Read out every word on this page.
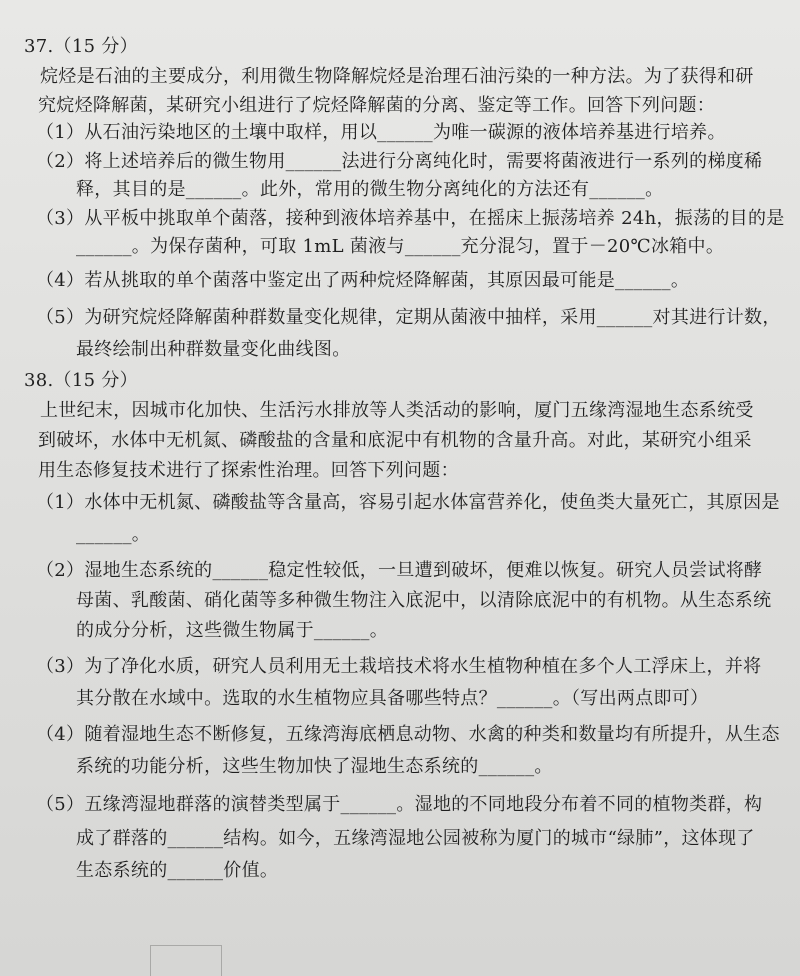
37.（15 分）
烷烃是石油的主要成分，利用微生物降解烷烃是治理石油污染的一种方法。为了获得和研
究烷烃降解菌，某研究小组进行了烷烃降解菌的分离、鉴定等工作。回答下列问题：
（1）从石油污染地区的土壤中取样，用以______为唯一碳源的液体培养基进行培养。
（2）将上述培养后的微生物用______法进行分离纯化时，需要将菌液进行一系列的梯度稀
释，其目的是______。此外，常用的微生物分离纯化的方法还有______。
（3）从平板中挑取单个菌落，接种到液体培养基中，在摇床上振荡培养 24h，振荡的目的是
______。为保存菌种，可取 1mL 菌液与______充分混匀，置于－20℃冰箱中。
（4）若从挑取的单个菌落中鉴定出了两种烷烃降解菌，其原因最可能是______。
（5）为研究烷烃降解菌种群数量变化规律，定期从菌液中抽样，采用______对其进行计数，
最终绘制出种群数量变化曲线图。
38.（15 分）
上世纪末，因城市化加快、生活污水排放等人类活动的影响，厦门五缘湾湿地生态系统受
到破坏，水体中无机氮、磷酸盐的含量和底泥中有机物的含量升高。对此，某研究小组采
用生态修复技术进行了探索性治理。回答下列问题：
（1）水体中无机氮、磷酸盐等含量高，容易引起水体富营养化，使鱼类大量死亡，其原因是
______。
（2）湿地生态系统的______稳定性较低，一旦遭到破坏，便难以恢复。研究人员尝试将酵
母菌、乳酸菌、硝化菌等多种微生物注入底泥中，以清除底泥中的有机物。从生态系统
的成分分析，这些微生物属于______。
（3）为了净化水质，研究人员利用无土栽培技术将水生植物种植在多个人工浮床上，并将
其分散在水域中。选取的水生植物应具备哪些特点？______。（写出两点即可）
（4）随着湿地生态不断修复，五缘湾海底栖息动物、水禽的种类和数量均有所提升，从生态
系统的功能分析，这些生物加快了湿地生态系统的______。
（5）五缘湾湿地群落的演替类型属于______。湿地的不同地段分布着不同的植物类群，构
成了群落的______结构。如今，五缘湾湿地公园被称为厦门的城市“绿肺”，这体现了
生态系统的______价值。
